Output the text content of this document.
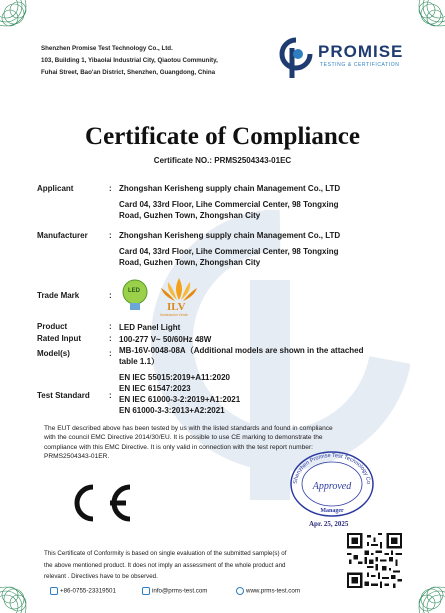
Shenzhen Promise Test Technology Co., Ltd.
103, Building 1, Yibaolai Industrial City, Qiaotou Community,
Fuhai Street, Bao'an District, Shenzhen, Guangdong, China
PROMISE
TESTING & CERTIFICATION
Certificate of Compliance
Certificate NO.: PRMS2504343-01EC
Applicant	: Zhongshan Kerisheng supply chain Management Co., LTD
Card 04, 33rd Floor, Lihe Commercial Center, 98 Tongxing
Road, Guzhen Town, Zhongshan City
Manufacturer	: Zhongshan Kerisheng supply chain Management Co., LTD
Card 04, 33rd Floor, Lihe Commercial Center, 98 Tongxing
Road, Guzhen Town, Zhongshan City
Trade Mark	:	LED
ILV
Iluminación Verde
Product	: LED Panel Light
Rated Input	: 100-277 V~ 50/60Hz 48W
Model(s)	: MB-16V-0048-08A（Additional models are shown in the attached
table 1.1）
Test Standard :
EN IEC 55015:2019+A11:2020
EN IEC 61547:2023
EN IEC 61000-3-2:2019+A1:2021
EN 61000-3-3:2013+A2:2021
The EUT described above has been tested by us with the listed standards and found in compliance
with the council EMC Directive 2014/30/EU. It is possible to use CE marking to demonstrate the
compliance with this EMC Directive. It is only valid in connection with the test report number:
PRMS2504343-01ER.
Shenzhen Promise Test Technology Co
Approved
Manager
Apr. 25, 2025
This Certificate of Conformity is based on single evaluation of the submitted sample(s) of
the above mentioned product. It does not imply an assessment of the whole product and
relevant . Directives have to be observed.
+86-0755-23319501	info@prms-test.com	www.prms-test.com
